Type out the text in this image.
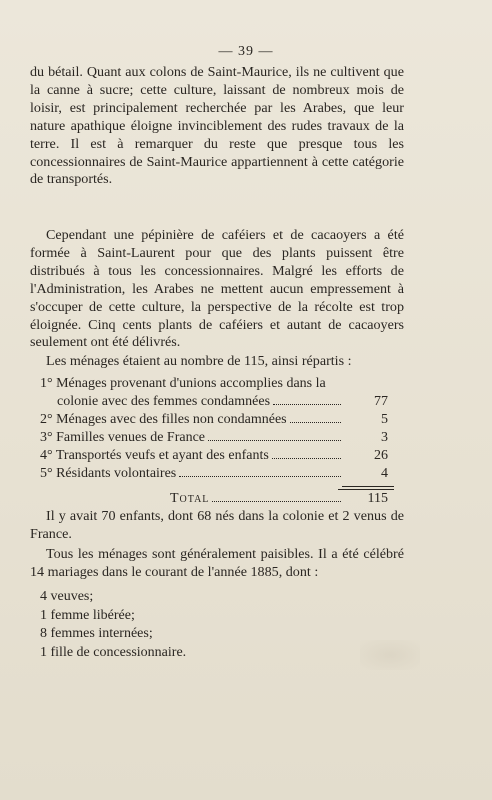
— 39 —

du bétail. Quant aux colons de Saint-Maurice, ils ne cultivent que la canne à sucre; cette culture, laissant de nombreux mois de loisir, est principalement recherchée par les Arabes, que leur nature apathique éloigne invinciblement des rudes travaux de la terre. Il est à remarquer du reste que presque tous les concessionnaires de Saint-Maurice appartiennent à cette catégorie de transportés.

Cependant une pépinière de caféiers et de cacaoyers a été formée à Saint-Laurent pour que des plants puissent être distribués à tous les concessionnaires. Malgré les efforts de l'Administration, les Arabes ne mettent aucun empressement à s'occuper de cette culture, la perspective de la récolte est trop éloignée. Cinq cents plants de caféiers et autant de cacaoyers seulement ont été délivrés.

Les ménages étaient au nombre de 115, ainsi répartis :

1° Ménages provenant d'unions accomplies dans la
colonie avec des femmes condamnées	77
2° Ménages avec des filles non condamnées	5
3° Familles venues de France	3
4° Transportés veufs et ayant des enfants	26
5° Résidants volontaires	4
Total	115

Il y avait 70 enfants, dont 68 nés dans la colonie et 2 venus de France.

Tous les ménages sont généralement paisibles. Il a été célébré 14 mariages dans le courant de l'année 1885, dont :

4 veuves;
1 femme libérée;
8 femmes internées;
1 fille de concessionnaire.
